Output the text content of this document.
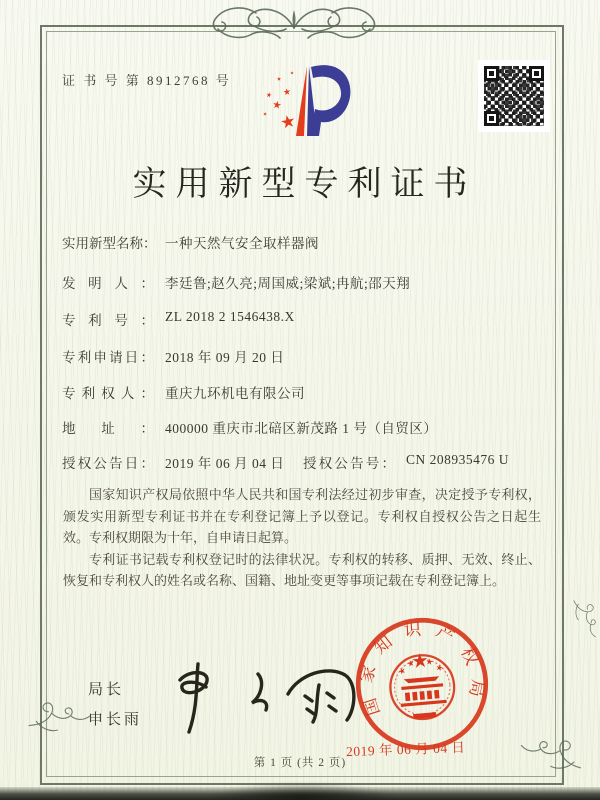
证 书 号 第 8912768 号
实用新型专利证书
实用新型名称： 一种天然气安全取样器阀
发明人： 李廷鲁;赵久亮;周国威;梁斌;冉航;邵天翔
专利号： ZL 2018 2 1546438.X
专利申请日： 2018 年 09 月 20 日
专利权人： 重庆九环机电有限公司
地址： 400000 重庆市北碚区新茂路 1 号（自贸区）
授权公告日： 2019 年 06 月 04 日	授权公告号： CN 208935476 U

国家知识产权局依照中华人民共和国专利法经过初步审查，决定授予专利权，颁发实用新型专利证书并在专利登记簿上予以登记。专利权自授权公告之日起生效。专利权期限为十年，自申请日起算。

专利证书记载专利权登记时的法律状况。专利权的转移、质押、无效、终止、恢复和专利权人的姓名或名称、国籍、地址变更等事项记载在专利登记簿上。

局长
申长雨
国家知识产权局
2019 年 06 月 04 日
第 1 页 (共 2 页)
